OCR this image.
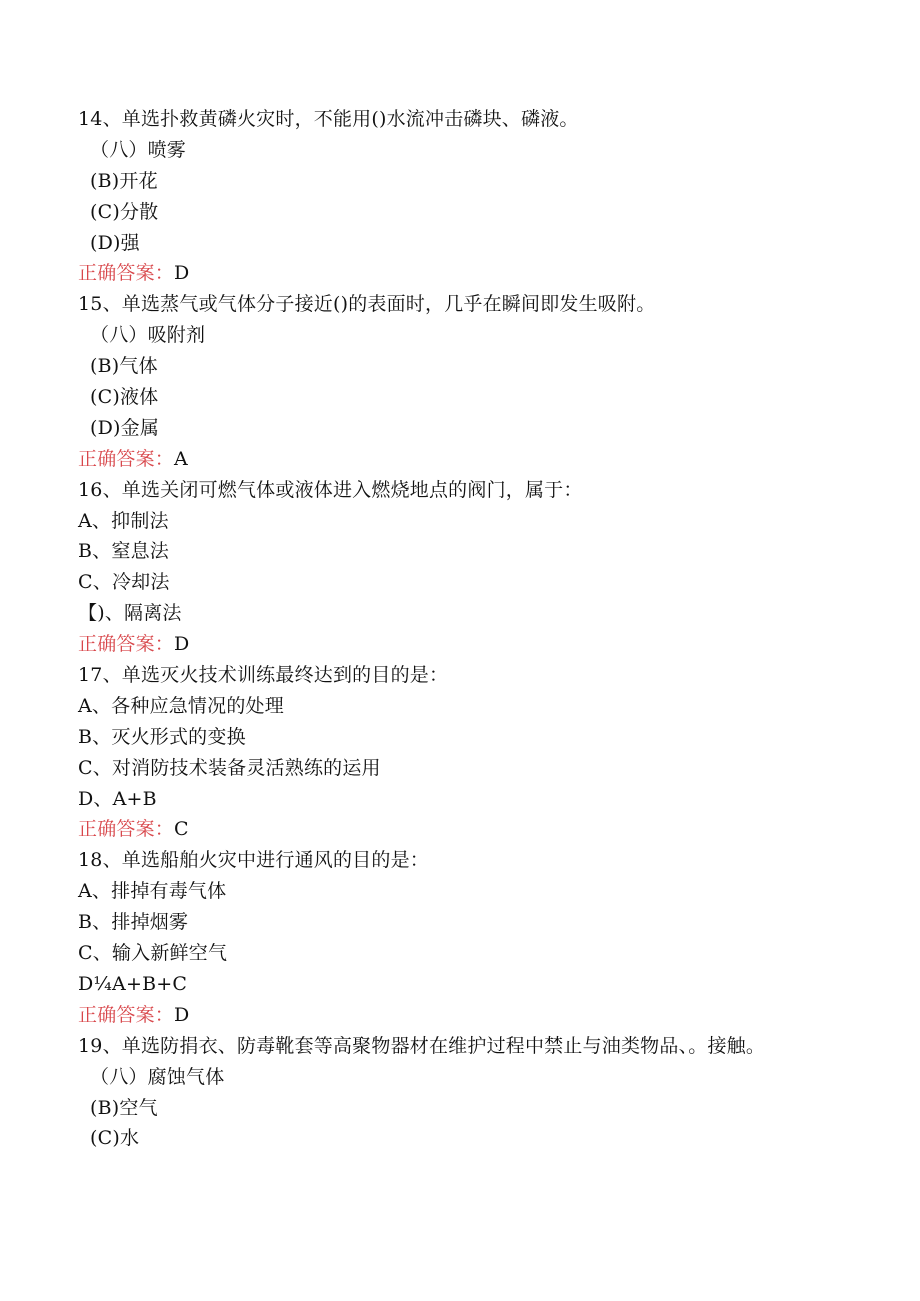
14、单选扑救黄磷火灾时，不能用()水流冲击磷块、磷液。
（八）喷雾
(B)开花
(C)分散
(D)强
正确答案：D
15、单选蒸气或气体分子接近()的表面时，几乎在瞬间即发生吸附。
（八）吸附剂
(B)气体
(C)液体
(D)金属
正确答案：A
16、单选关闭可燃气体或液体进入燃烧地点的阀门，属于：
A、抑制法
B、窒息法
C、冷却法
【)、隔离法
正确答案：D
17、单选灭火技术训练最终达到的目的是：
A、各种应急情况的处理
B、灭火形式的变换
C、对消防技术装备灵活熟练的运用
D、A+B
正确答案：C
18、单选船舶火灾中进行通风的目的是：
A、排掉有毒气体
B、排掉烟雾
C、输入新鲜空气
D¼A+B+C
正确答案：D
19、单选防捐衣、防毒靴套等高聚物器材在维护过程中禁止与油类物品、。接触。
（八）腐蚀气体
(B)空气
(C)水
